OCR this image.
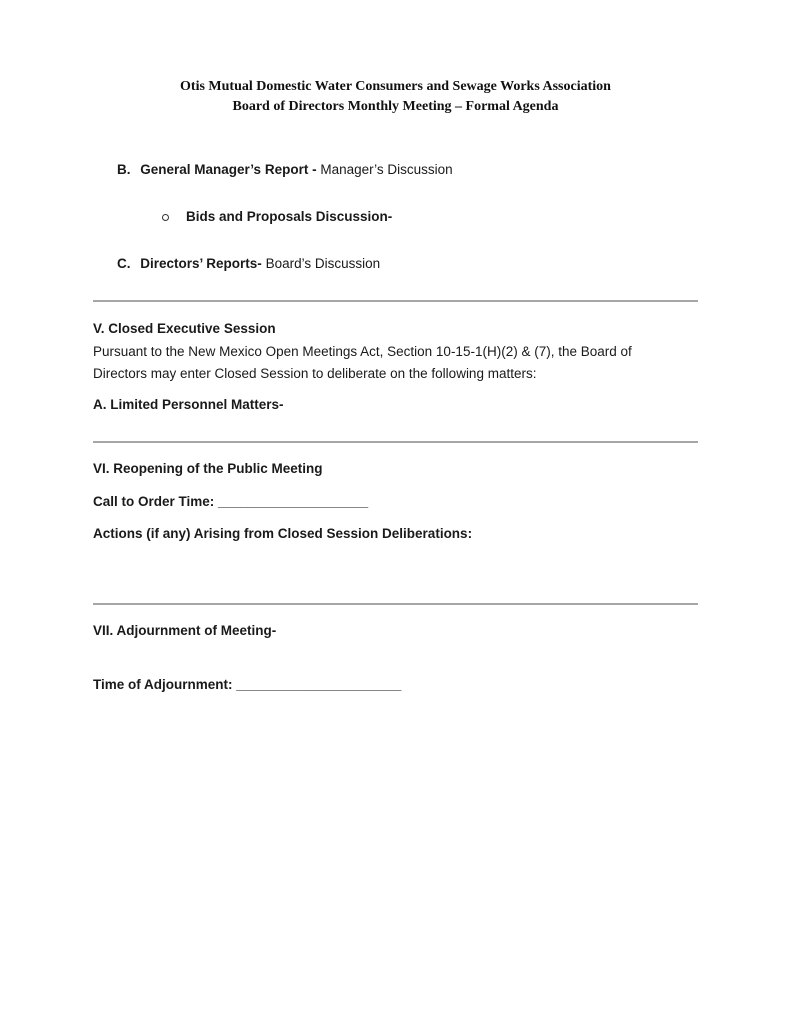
Otis Mutual Domestic Water Consumers and Sewage Works Association
Board of Directors Monthly Meeting – Formal Agenda
B. General Manager’s Report - Manager’s Discussion
Bids and Proposals Discussion-
C. Directors’ Reports- Board’s Discussion
V. Closed Executive Session
Pursuant to the New Mexico Open Meetings Act, Section 10-15-1(H)(2) & (7), the Board of
Directors may enter Closed Session to deliberate on the following matters:
A. Limited Personnel Matters-
VI. Reopening of the Public Meeting
Call to Order Time: ____________________
Actions (if any) Arising from Closed Session Deliberations:
VII. Adjournment of Meeting-
Time of Adjournment: ______________________
